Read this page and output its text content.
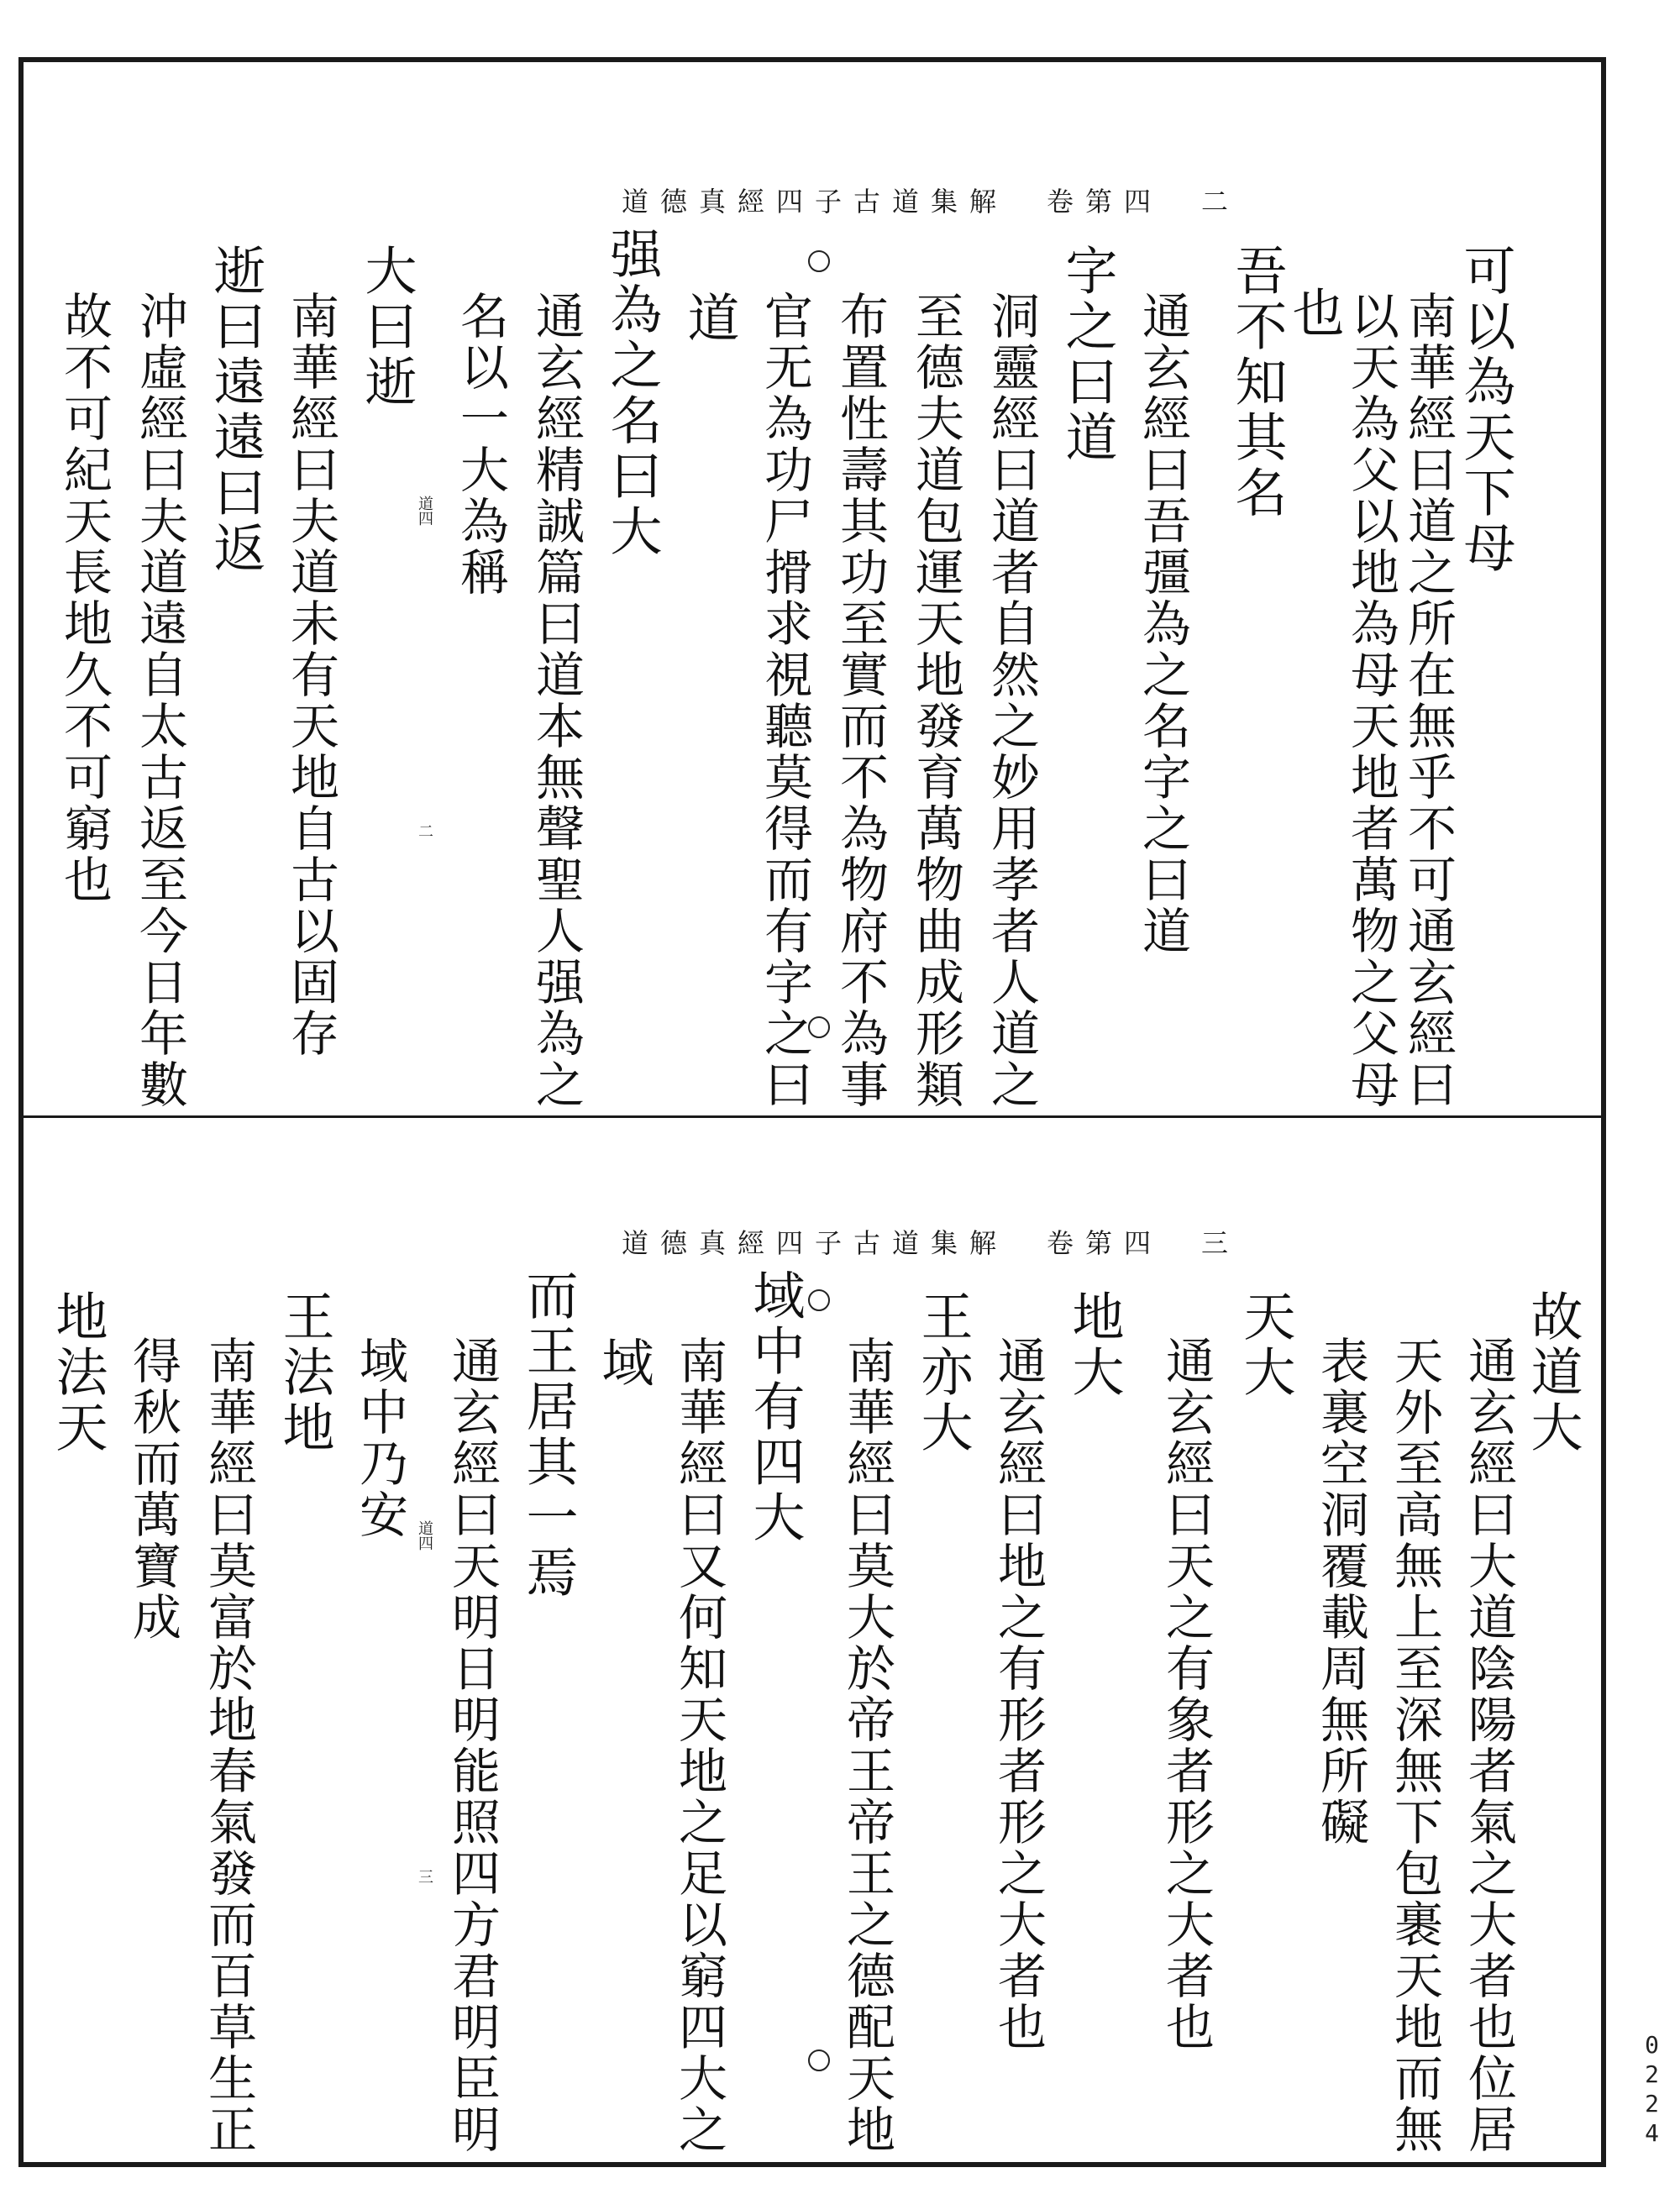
道德真經四子古道集解　卷第四　二
可以為天下母
南華經曰道之所在無乎不可通玄經曰
以天為父以地為母天地者萬物之父母
也
吾不知其名
通玄經曰吾彊為之名字之曰道
字之曰道
洞靈經曰道者自然之妙用孝者人道之
至德夫道包運天地發育萬物曲成形類
布置性壽其功至實而不為物府不為事
官无為功尸搰求視聽莫得而有字之曰
道
强為之名曰大
通玄經精誠篇曰道本無聲聖人强為之
名以一大為稱
大曰逝
南華經曰夫道未有天地自古以固存
逝曰遠遠曰返
沖虛經曰夫道遠自太古返至今日年數
故不可紀天長地久不可窮也	道四
二
道德真經四子古道集解　卷第四　三
故道大
通玄經曰大道陰陽者氣之大者也位居
天外至高無上至深無下包裹天地而無
表裏空洞覆載周無所礙
天大
通玄經曰天之有象者形之大者也
地大
通玄經曰地之有形者形之大者也
王亦大
南華經曰莫大於帝王帝王之德配天地
域中有四大
南華經曰又何知天地之足以窮四大之
域
而王居其一焉
通玄經曰天明日明能照四方君明臣明
域中乃安
王法地
南華經曰莫富於地春氣發而百草生正
得秋而萬寶成
地法天
道四
三
0224
